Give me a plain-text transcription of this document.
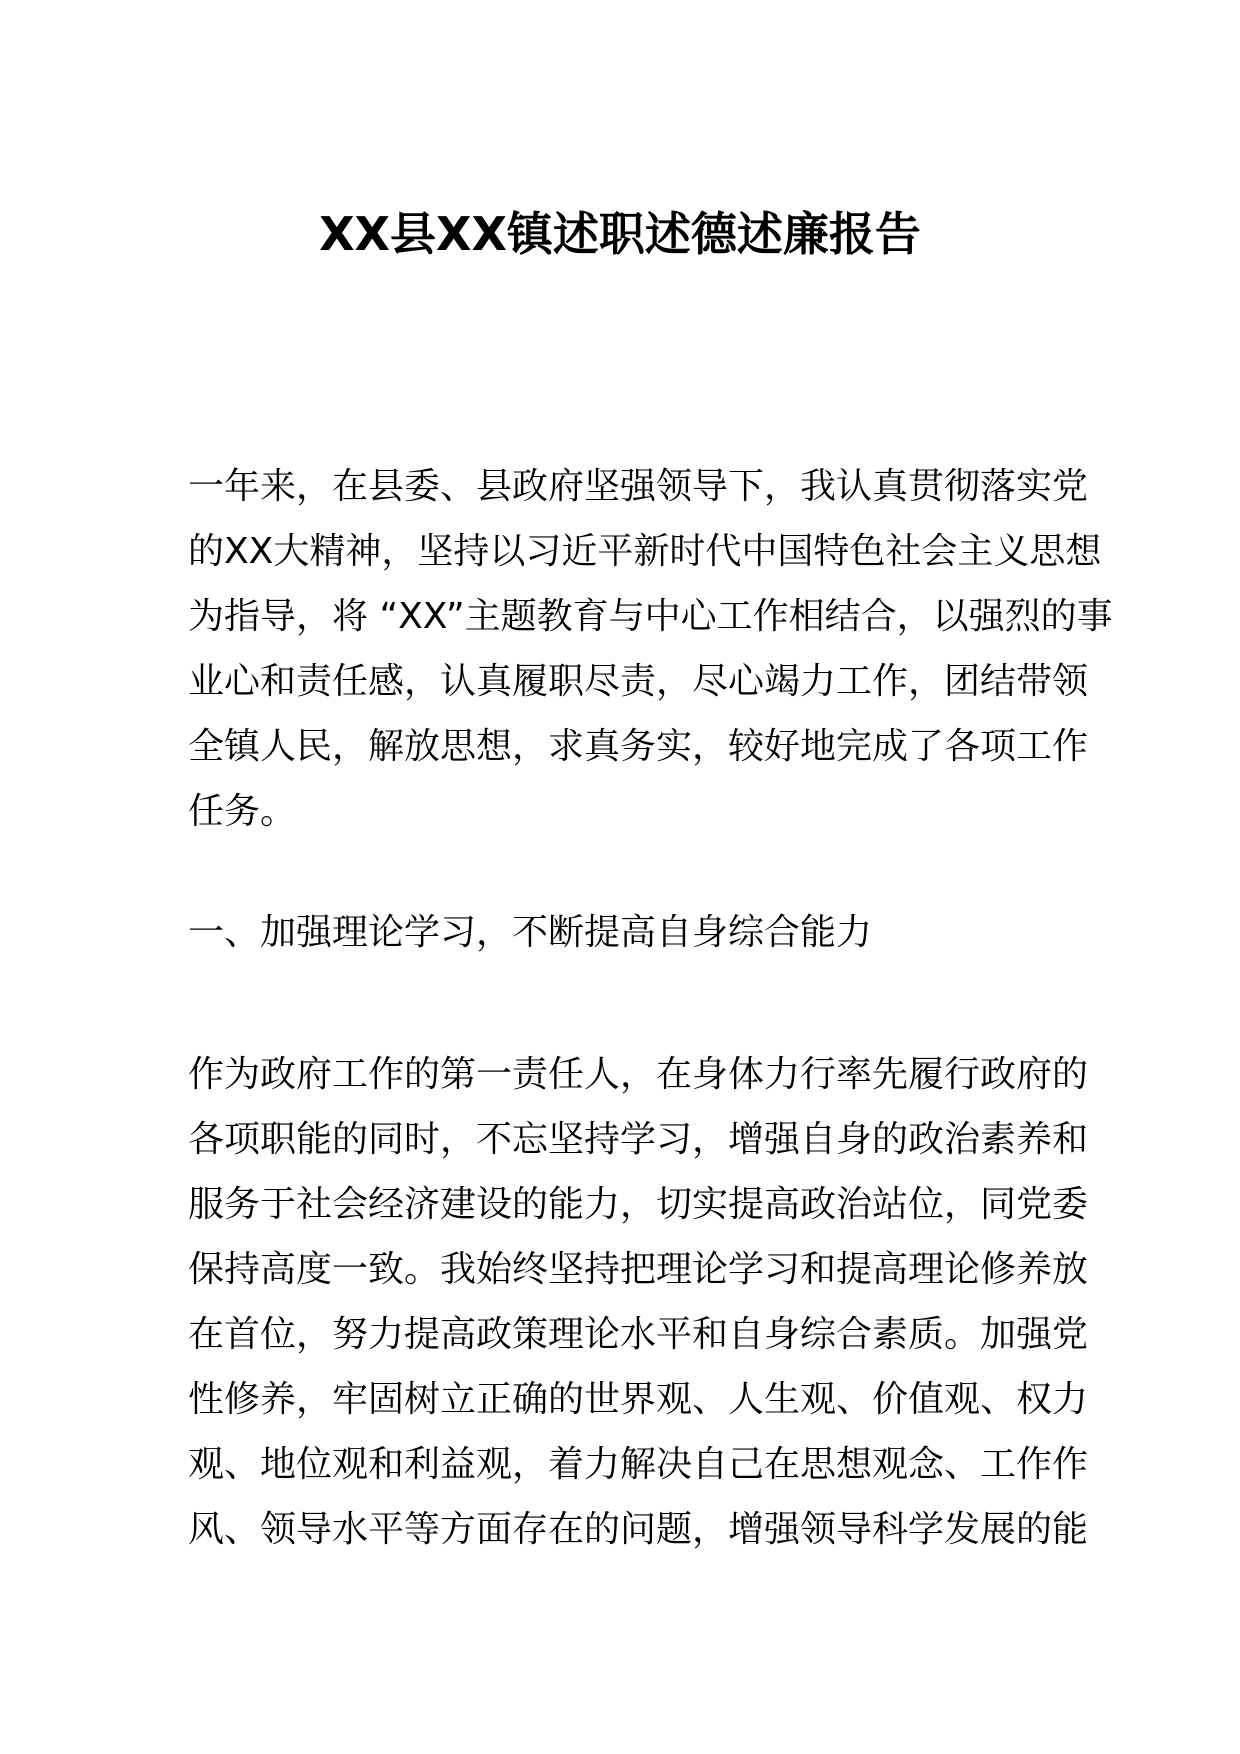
XX县XX镇述职述德述廉报告
一年来，在县委、县政府坚强领导下，我认真贯彻落实党
的XX大精神，坚持以习近平新时代中国特色社会主义思想
为指导，将 “XX”主题教育与中心工作相结合，以强烈的事
业心和责任感，认真履职尽责，尽心竭力工作，团结带领
全镇人民，解放思想，求真务实，较好地完成了各项工作
任务。
一、加强理论学习，不断提高自身综合能力
作为政府工作的第一责任人，在身体力行率先履行政府的
各项职能的同时，不忘坚持学习，增强自身的政治素养和
服务于社会经济建设的能力，切实提高政治站位，同党委
保持高度一致。我始终坚持把理论学习和提高理论修养放
在首位，努力提高政策理论水平和自身综合素质。加强党
性修养，牢固树立正确的世界观、人生观、价值观、权力
观、地位观和利益观，着力解决自己在思想观念、工作作
风、领导水平等方面存在的问题，增强领导科学发展的能
